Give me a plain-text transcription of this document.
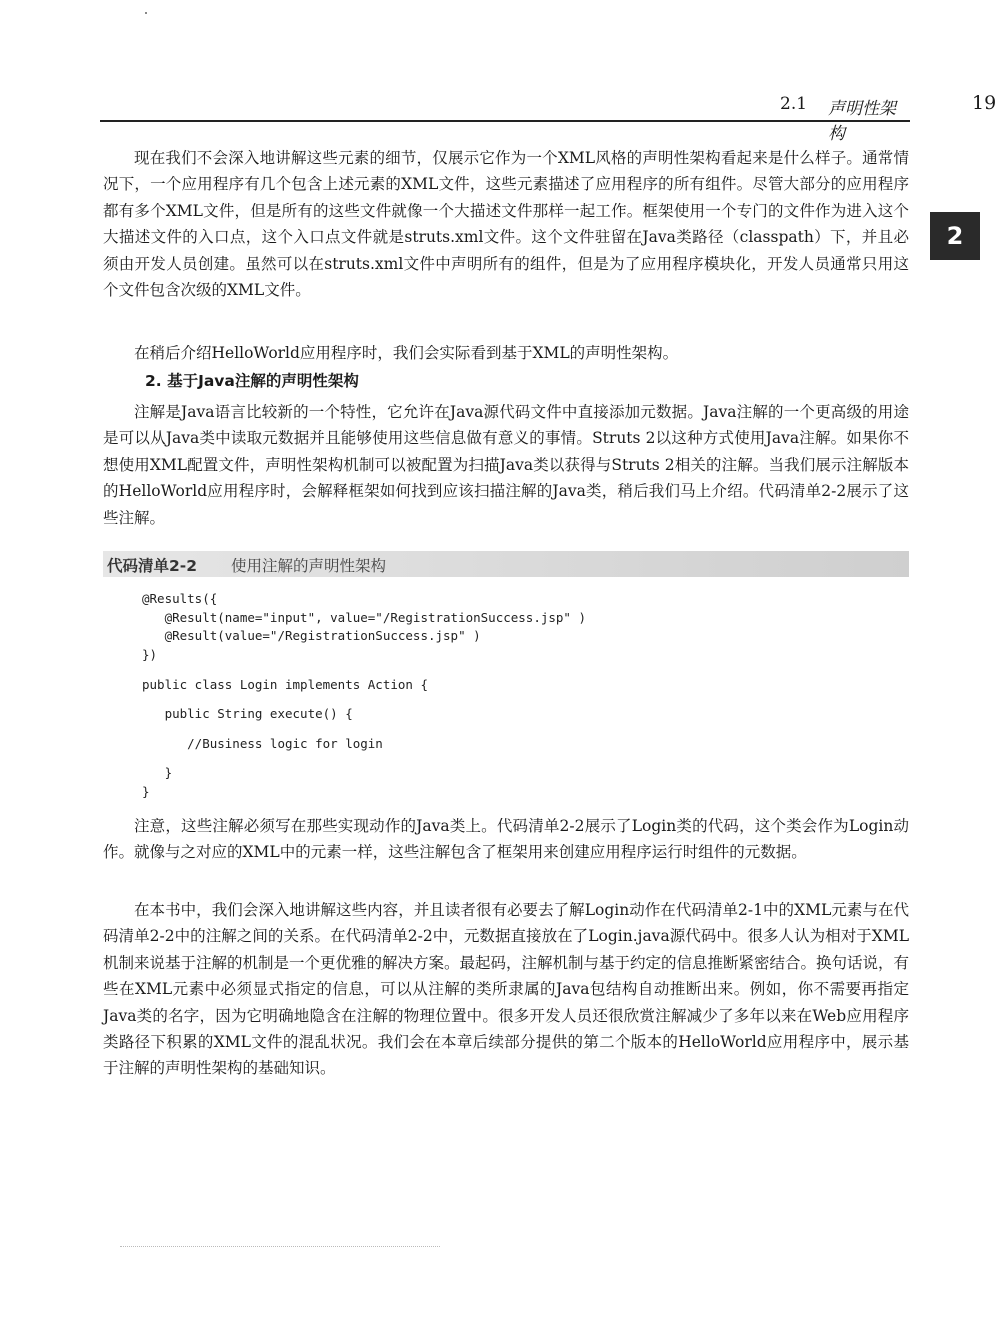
2.1 声明性架构
19
2

现在我们不会深入地讲解这些元素的细节，仅展示它作为一个XML风格的声明性架构看起来是什么样子。通常情况下，一个应用程序有几个包含上述元素的XML文件，这些元素描述了应用程序的所有组件。尽管大部分的应用程序都有多个XML文件，但是所有的这些文件就像一个大描述文件那样一起工作。框架使用一个专门的文件作为进入这个大描述文件的入口点，这个入口点文件就是struts.xml文件。这个文件驻留在Java类路径（classpath）下，并且必须由开发人员创建。虽然可以在struts.xml文件中声明所有的组件，但是为了应用程序模块化，开发人员通常只用这个文件包含次级的XML文件。

在稍后介绍HelloWorld应用程序时，我们会实际看到基于XML的声明性架构。

2. 基于Java注解的声明性架构

注解是Java语言比较新的一个特性，它允许在Java源代码文件中直接添加元数据。Java注解的一个更高级的用途是可以从Java类中读取元数据并且能够使用这些信息做有意义的事情。Struts 2以这种方式使用Java注解。如果你不想使用XML配置文件，声明性架构机制可以被配置为扫描Java类以获得与Struts 2相关的注解。当我们展示注解版本的HelloWorld应用程序时，会解释框架如何找到应该扫描注解的Java类，稍后我们马上介绍。代码清单2-2展示了这些注解。

代码清单2-2 使用注解的声明性架构
@Results({
@Result(name="input", value="/RegistrationSuccess.jsp" )
@Result(value="/RegistrationSuccess.jsp" )
})
public class Login implements Action {
public String execute() {
//Business logic for login
}
}

注意，这些注解必须写在那些实现动作的Java类上。代码清单2-2展示了Login类的代码，这个类会作为Login动作。就像与之对应的XML中的元素一样，这些注解包含了框架用来创建应用程序运行时组件的元数据。

在本书中，我们会深入地讲解这些内容，并且读者很有必要去了解Login动作在代码清单2-1中的XML元素与在代码清单2-2中的注解之间的关系。在代码清单2-2中，元数据直接放在了Login.java源代码中。很多人认为相对于XML机制来说基于注解的机制是一个更优雅的解决方案。最起码，注解机制与基于约定的信息推断紧密结合。换句话说，有些在XML元素中必须显式指定的信息，可以从注解的类所隶属的Java包结构自动推断出来。例如，你不需要再指定Java类的名字，因为它明确地隐含在注解的物理位置中。很多开发人员还很欣赏注解减少了多年以来在Web应用程序类路径下积累的XML文件的混乱状况。我们会在本章后续部分提供的第二个版本的HelloWorld应用程序中，展示基于注解的声明性架构的基础知识。
